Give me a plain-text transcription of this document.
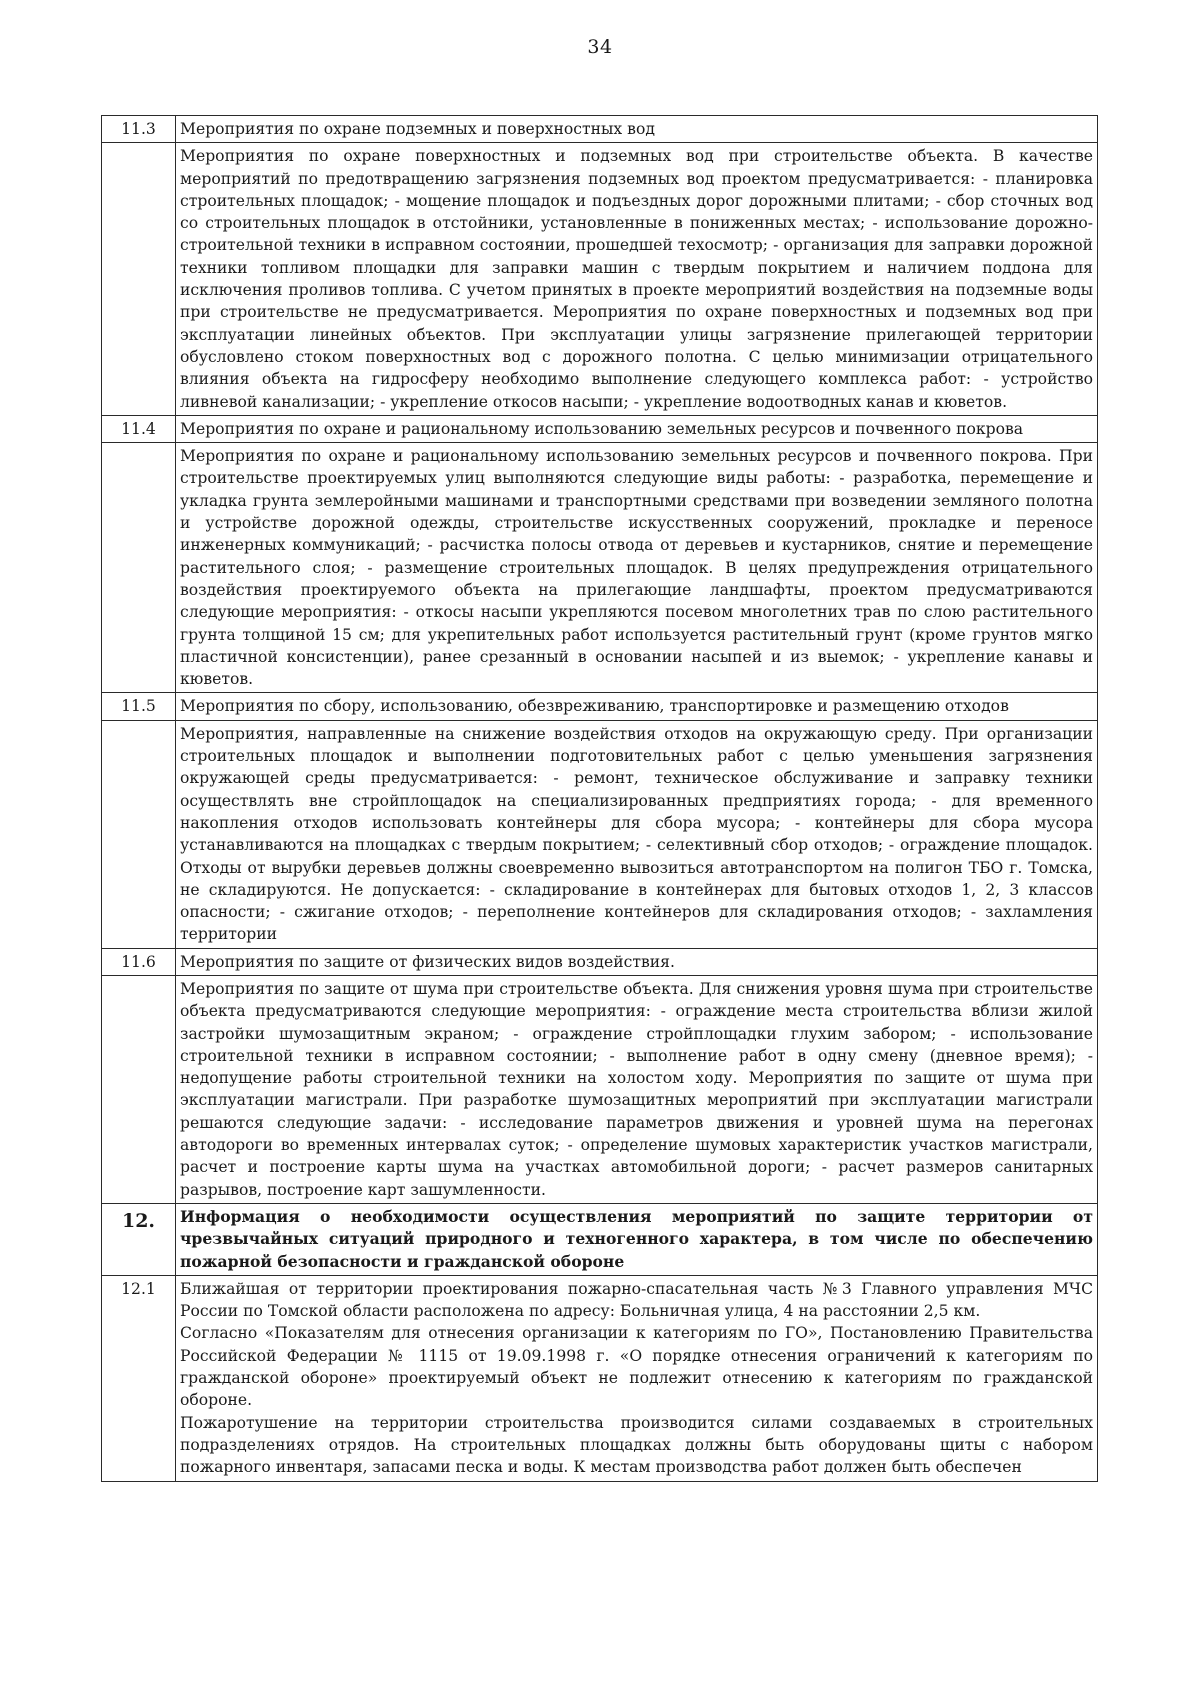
34
11.3	Мероприятия по охране подземных и поверхностных вод

	Мероприятия по охране поверхностных и подземных вод при строительстве объекта. В качестве мероприятий по предотвращению загрязнения подземных вод проектом предусматривается: - планировка строительных площадок; - мощение площадок и подъездных дорог дорожными плитами; - сбор сточных вод со строительных площадок в отстойники, установленные в пониженных местах; - использование дорожно-строительной техники в исправном состоянии, прошедшей техосмотр; - организация для заправки дорожной техники топливом площадки для заправки машин с твердым покрытием и наличием поддона для исключения проливов топлива. С учетом принятых в проекте мероприятий воздействия на подземные воды при строительстве не предусматривается. Мероприятия по охране поверхностных и подземных вод при эксплуатации линейных объектов. При эксплуатации улицы загрязнение прилегающей территории обусловлено стоком поверхностных вод с дорожного полотна. С целью минимизации отрицательного влияния объекта на гидросферу необходимо выполнение следующего комплекса работ: - устройство ливневой канализации; - укрепление откосов насыпи; - укрепление водоотводных канав и кюветов.

11.4	Мероприятия по охране и рациональному использованию земельных ресурсов и почвенного покрова

	Мероприятия по охране и рациональному использованию земельных ресурсов и почвенного покрова. При строительстве проектируемых улиц выполняются следующие виды работы: - разработка, перемещение и укладка грунта землеройными машинами и транспортными средствами при возведении земляного полотна и устройстве дорожной одежды, строительстве искусственных сооружений, прокладке и переносе инженерных коммуникаций; - расчистка полосы отвода от деревьев и кустарников, снятие и перемещение растительного слоя; - размещение строительных площадок. В целях предупреждения отрицательного воздействия проектируемого объекта на прилегающие ландшафты, проектом предусматриваются следующие мероприятия: - откосы насыпи укрепляются посевом многолетних трав по слою растительного грунта толщиной 15 см; для укрепительных работ используется растительный грунт (кроме грунтов мягко пластичной консистенции), ранее срезанный в основании насыпей и из выемок; - укрепление канавы и кюветов.

11.5	Мероприятия по сбору, использованию, обезвреживанию, транспортировке и размещению отходов

	Мероприятия, направленные на снижение воздействия отходов на окружающую среду. При организации строительных площадок и выполнении подготовительных работ с целью уменьшения загрязнения окружающей среды предусматривается: - ремонт, техническое обслуживание и заправку техники осуществлять вне стройплощадок на специализированных предприятиях города; - для временного накопления отходов использовать контейнеры для сбора мусора; - контейнеры для сбора мусора устанавливаются на площадках с твердым покрытием; - селективный сбор отходов; - ограждение площадок. Отходы от вырубки деревьев должны своевременно вывозиться автотранспортом на полигон ТБО г. Томска, не складируются. Не допускается: - складирование в контейнерах для бытовых отходов 1, 2, 3 классов опасности; - сжигание отходов; - переполнение контейнеров для складирования отходов; - захламления территории

11.6	Мероприятия по защите от физических видов воздействия.

	Мероприятия по защите от шума при строительстве объекта. Для снижения уровня шума при строительстве объекта предусматриваются следующие мероприятия: - ограждение места строительства вблизи жилой застройки шумозащитным экраном; - ограждение стройплощадки глухим забором; - использование строительной техники в исправном состоянии; - выполнение работ в одну смену (дневное время); - недопущение работы строительной техники на холостом ходу. Мероприятия по защите от шума при эксплуатации магистрали. При разработке шумозащитных мероприятий при эксплуатации магистрали решаются следующие задачи: - исследование параметров движения и уровней шума на перегонах автодороги во временных интервалах суток; - определение шумовых характеристик участков магистрали, расчет и построение карты шума на участках автомобильной дороги; - расчет размеров санитарных разрывов, построение карт зашумленности.

12.	Информация о необходимости осуществления мероприятий по защите территории от чрезвычайных ситуаций природного и техногенного характера, в том числе по обеспечению пожарной безопасности и гражданской обороне
12.1	Ближайшая от территории проектирования пожарно-спасательная часть №3 Главного управления МЧС России по Томской области расположена по адресу: Больничная улица, 4 на расстоянии 2,5 км.

Согласно «Показателям для отнесения организации к категориям по ГО», Постановлению Правительства Российской Федерации № 1115 от 19.09.1998 г. «О порядке отнесения ограничений к категориям по гражданской обороне» проектируемый объект не подлежит отнесению к категориям по гражданской обороне.

Пожаротушение на территории строительства производится силами создаваемых в строительных подразделениях отрядов. На строительных площадках должны быть оборудованы щиты с набором пожарного инвентаря, запасами песка и воды. К местам производства работ должен быть обеспечен
